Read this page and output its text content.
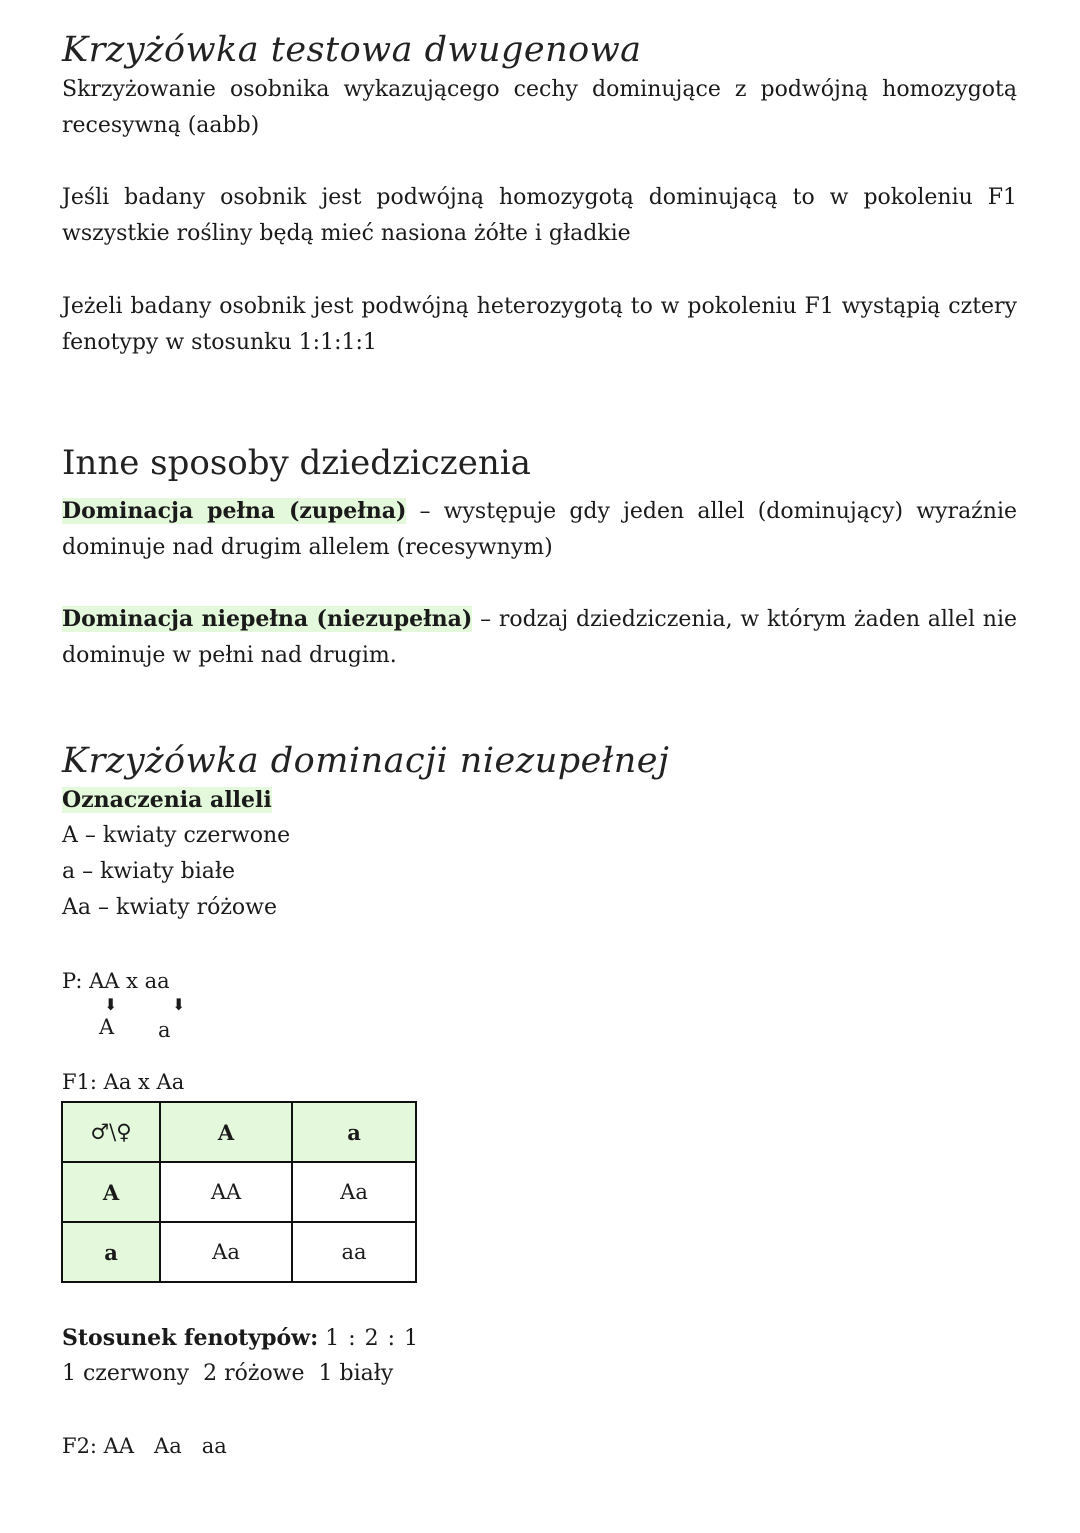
Krzyżówka testowa dwugenowa

Skrzyżowanie osobnika wykazującego cechy dominujące z podwójną homozygotą recesywną (aabb)

Jeśli badany osobnik jest podwójną homozygotą dominującą to w pokoleniu F1 wszystkie rośliny będą mieć nasiona żółte i gładkie

Jeżeli badany osobnik jest podwójną heterozygotą to w pokoleniu F1 wystąpią cztery fenotypy w stosunku 1:1:1:1

Inne sposoby dziedziczenia

Dominacja pełna (zupełna) – występuje gdy jeden allel (dominujący) wyraźnie dominuje nad drugim allelem (recesywnym)

Dominacja niepełna (niezupełna) – rodzaj dziedziczenia, w którym żaden allel nie dominuje w pełni nad drugim.

Krzyżówka dominacji niezupełnej
Oznaczenia alleli
A – kwiaty czerwone
a – kwiaty białe
Aa – kwiaty różowe
P: AA x aa
⬇	⬇
A a
F1: Aa x Aa
♂\♀	A	a
A	AA	Aa
a	Aa	aa
Stosunek fenotypów: 1 : 2 : 1
1 czerwony  2 różowe  1 biały
F2: AA   Aa   aa
